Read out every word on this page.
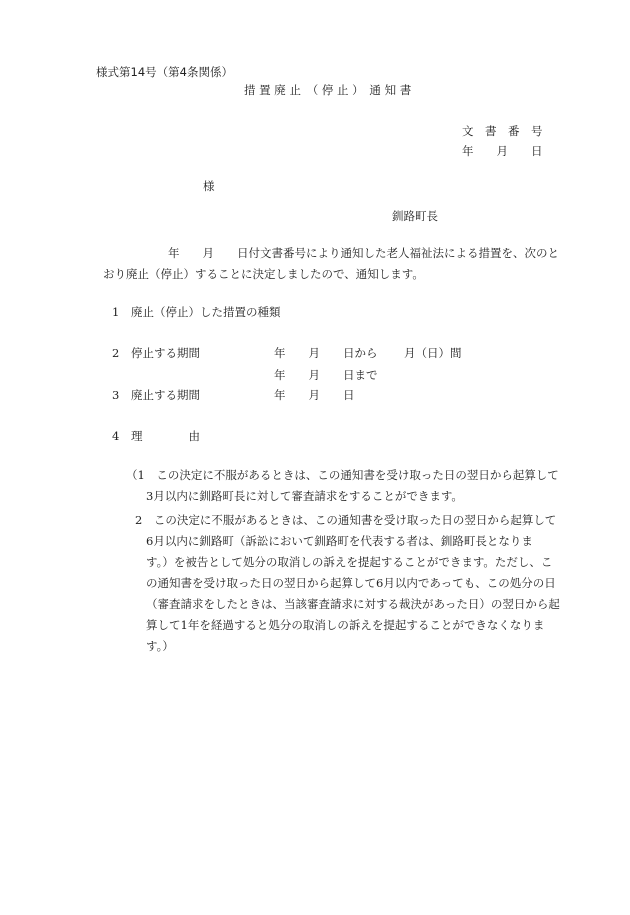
様式第14号（第4条関係）
措 置 廃 止　（ 停 止 ）　通 知 書
文　書　番　号
年　　月　　日
様
釧路町長
年　　月　　日付文書番号により通知した老人福祉法による措置を、次のと
おり廃止（停止）することに決定しましたので、通知します。
1 廃止（停止）した措置の種類
2 停止する期間	年　　月　　日から 月（日）間
年　　月　　日まで
3 廃止する期間	年　　月　　日
4 理　　　　由

（1　この決定に不服があるときは、この通知書を受け取った日の翌日から起算して

3月以内に釧路町長に対して審査請求をすることができます。

2　この決定に不服があるときは、この通知書を受け取った日の翌日から起算して

6月以内に釧路町（訴訟において釧路町を代表する者は、釧路町長となりま

す。）を被告として処分の取消しの訴えを提起することができます。ただし、こ

の通知書を受け取った日の翌日から起算して6月以内であっても、この処分の日

（審査請求をしたときは、当該審査請求に対する裁決があった日）の翌日から起

算して1年を経過すると処分の取消しの訴えを提起することができなくなりま

す。）
